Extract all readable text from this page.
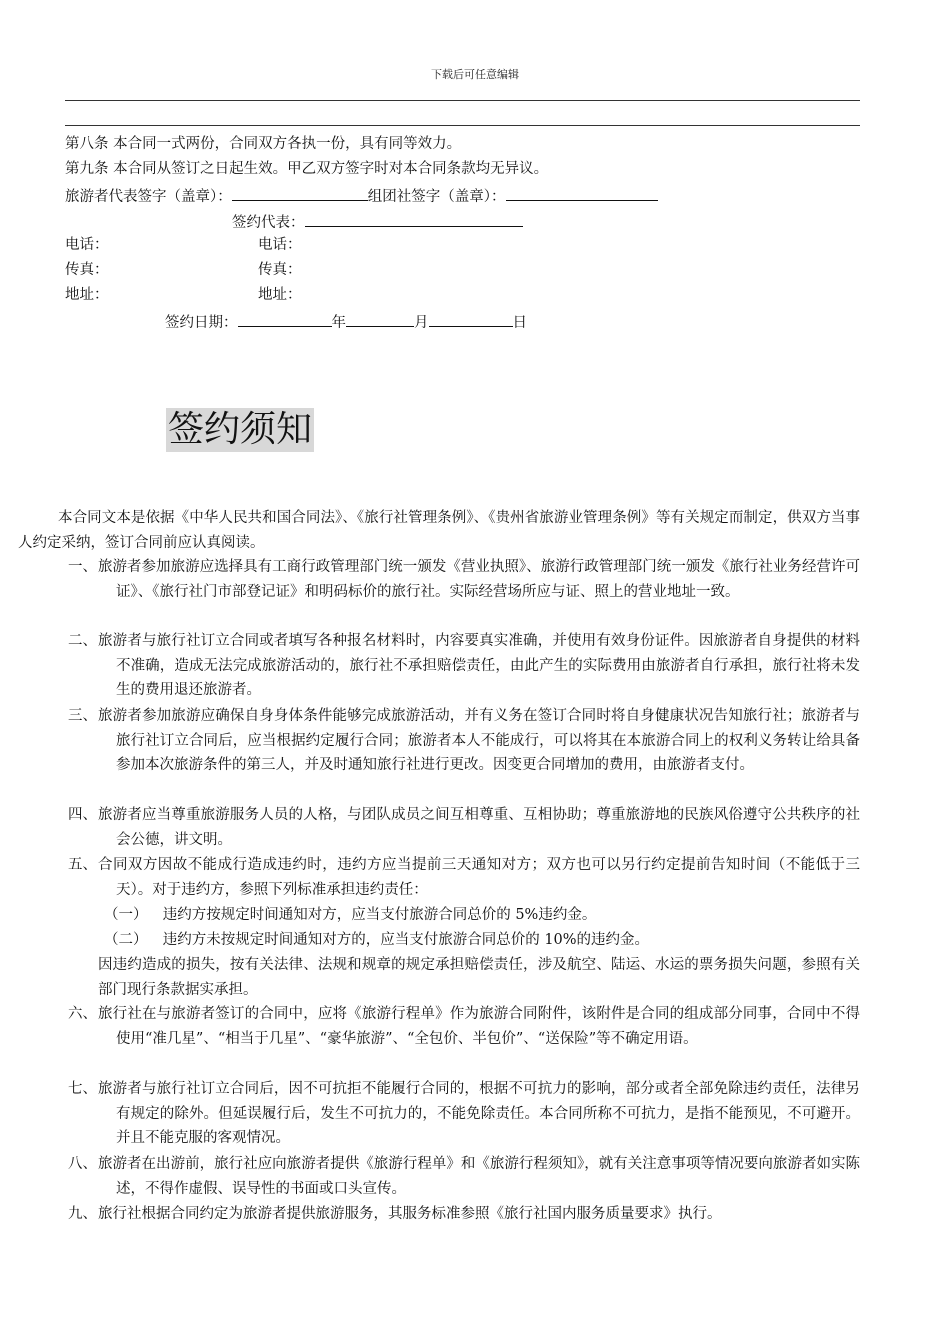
下载后可任意编辑
第八条 本合同一式两份，合同双方各执一份，具有同等效力。
第九条 本合同从签订之日起生效。甲乙双方签字时对本合同条款均无异议。
旅游者代表签字（盖章）：	组团社签字（盖章）：
签约代表：
电话：	电话：
传真：	传真：
地址：	地址：
签约日期：	年	月	日
签约须知
本合同文本是依据《中华人民共和国合同法》、《旅行社管理条例》、《贵州省旅游业管理条例》等有关规定而制定，供双方当事人约定采纳，签订合同前应认真阅读。
一、 旅游者参加旅游应选择具有工商行政管理部门统一颁发《营业执照》、旅游行政管理部门统一颁发《旅行社业务经营许可证》、《旅行社门市部登记证》和明码标价的旅行社。实际经营场所应与证、照上的营业地址一致。
二、 旅游者与旅行社订立合同或者填写各种报名材料时，内容要真实准确，并使用有效身份证件。因旅游者自身提供的材料不准确，造成无法完成旅游活动的，旅行社不承担赔偿责任，由此产生的实际费用由旅游者自行承担，旅行社将未发生的费用退还旅游者。
三、 旅游者参加旅游应确保自身身体条件能够完成旅游活动，并有义务在签订合同时将自身健康状况告知旅行社；旅游者与旅行社订立合同后，应当根据约定履行合同；旅游者本人不能成行，可以将其在本旅游合同上的权利义务转让给具备参加本次旅游条件的第三人，并及时通知旅行社进行更改。因变更合同增加的费用，由旅游者支付。
四、 旅游者应当尊重旅游服务人员的人格，与团队成员之间互相尊重、互相协助；尊重旅游地的民族风俗遵守公共秩序的社会公德，讲文明。
五、 合同双方因故不能成行造成违约时，违约方应当提前三天通知对方；双方也可以另行约定提前告知时间（不能低于三天）。对于违约方，参照下列标准承担违约责任：
（一） 违约方按规定时间通知对方，应当支付旅游合同总价的 5%违约金。
（二） 违约方未按规定时间通知对方的，应当支付旅游合同总价的 10%的违约金。
因违约造成的损失，按有关法律、法规和规章的规定承担赔偿责任，涉及航空、陆运、水运的票务损失问题，参照有关部门现行条款据实承担。
六、 旅行社在与旅游者签订的合同中，应将《旅游行程单》作为旅游合同附件，该附件是合同的组成部分同事，合同中不得使用“准几星”、“相当于几星”、“豪华旅游”、“全包价、半包价”、“送保险”等不确定用语。
七、 旅游者与旅行社订立合同后，因不可抗拒不能履行合同的，根据不可抗力的影响，部分或者全部免除违约责任，法律另有规定的除外。但延误履行后，发生不可抗力的，不能免除责任。本合同所称不可抗力，是指不能预见，不可避开。并且不能克服的客观情况。
八、 旅游者在出游前，旅行社应向旅游者提供《旅游行程单》和《旅游行程须知》，就有关注意事项等情况要向旅游者如实陈述，不得作虚假、误导性的书面或口头宣传。
九、 旅行社根据合同约定为旅游者提供旅游服务，其服务标准参照《旅行社国内服务质量要求》执行。
